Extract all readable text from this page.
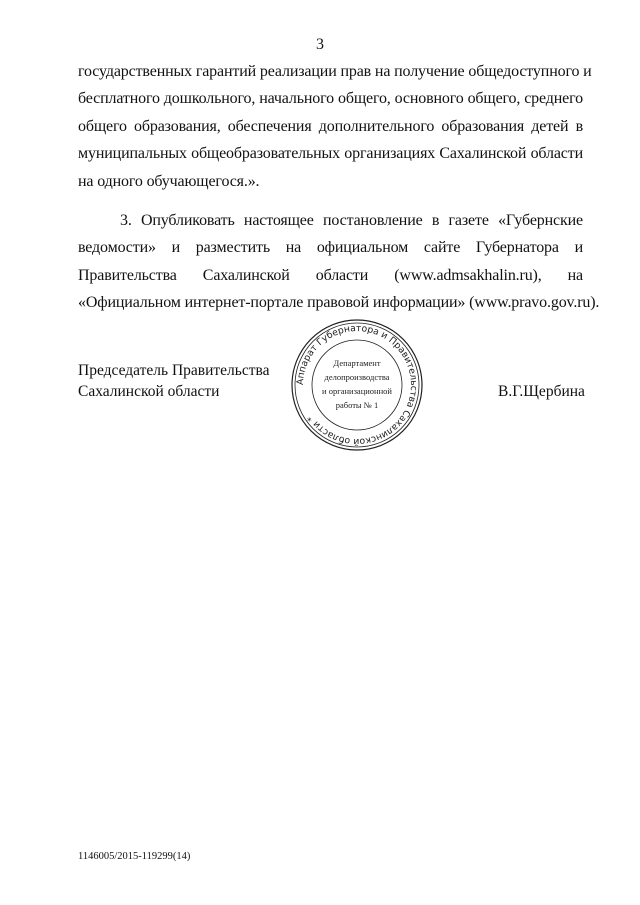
3
государственных гарантий реализации прав на получение общедоступного и
бесплатного дошкольного, начального общего, основного общего, среднего
общего образования, обеспечения дополнительного образования детей в
муниципальных общеобразовательных организациях Сахалинской области
на одного обучающегося.».
3. Опубликовать настоящее постановление в газете «Губернские
ведомости» и разместить на официальном сайте Губернатора и
Правительства Сахалинской области (www.admsakhalin.ru), на
«Официальном интернет-портале правовой информации» (www.pravo.gov.ru).
Председатель Правительства
Сахалинской области	В.Г.Щербина
Аппарат Губернатора и Правительства Сахалинской области *
Департамент
делопроизводства
и организационной
работы № 1
1146005/2015-119299(14)
